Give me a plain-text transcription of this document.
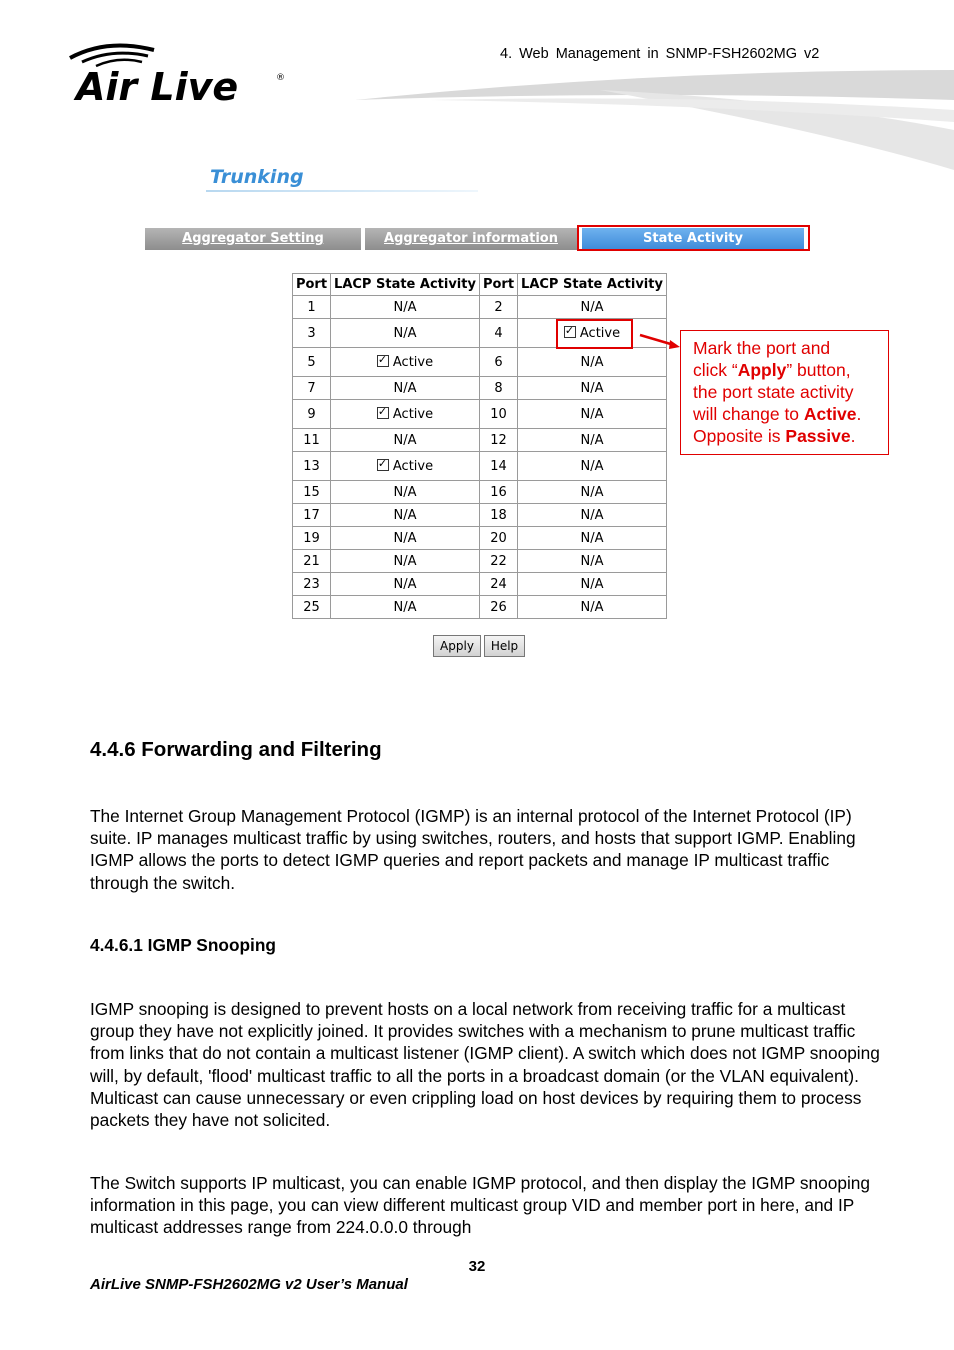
Air Live	®
4. Web Management in SNMP-FSH2602MG v2
Trunking
Aggregator Setting	Aggregator information	State Activity
Port	LACP State Activity	Port	LACP State Activity
1	N/A	2	N/A
3	N/A	4	✓Active
5	✓Active	6	N/A
7	N/A	8	N/A
9	✓Active	10	N/A
11	N/A	12	N/A
13	✓Active	14	N/A
15	N/A	16	N/A
17	N/A	18	N/A
19	N/A	20	N/A
21	N/A	22	N/A
23	N/A	24	N/A
25	N/A	26	N/A
Mark the port and
click “Apply” button,
the port state activity
will change to Active.
Opposite is Passive.
Apply	Help
4.4.6 Forwarding and Filtering
The Internet Group Management Protocol (IGMP) is an internal protocol of the Internet Protocol (IP) suite. IP manages multicast traffic by using switches, routers, and hosts that support IGMP. Enabling IGMP allows the ports to detect IGMP queries and report packets and manage IP multicast traffic through the switch.
4.4.6.1 IGMP Snooping
IGMP snooping is designed to prevent hosts on a local network from receiving traffic for a multicast group they have not explicitly joined. It provides switches with a mechanism to prune multicast traffic from links that do not contain a multicast listener (IGMP client). A switch which does not IGMP snooping will, by default, 'flood' multicast traffic to all the ports in a broadcast domain (or the VLAN equivalent). Multicast can cause unnecessary or even crippling load on host devices by requiring them to process packets they have not solicited.
The Switch supports IP multicast, you can enable IGMP protocol, and then display the IGMP snooping information in this page, you can view different multicast group VID and member port in here, and IP multicast addresses range from 224.0.0.0 through
32
AirLive SNMP-FSH2602MG v2 User’s Manual
